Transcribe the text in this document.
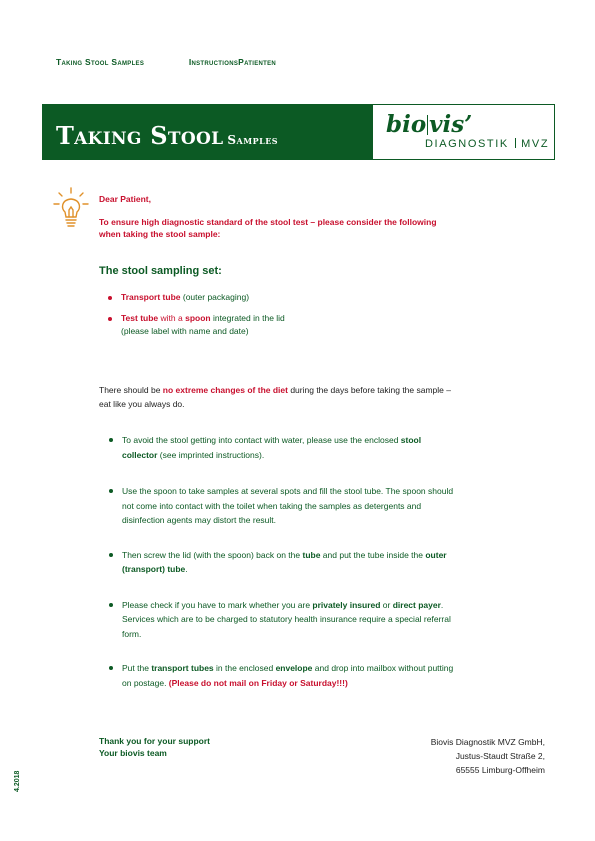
Taking Stool Samples	InstructionsPatienten
Taking Stool Samples
bio vis’
DIAGNOSTIK MVZ
Dear Patient,
To ensure high diagnostic standard of the stool test – please consider the following when taking the stool sample:
The stool sampling set:
Transport tube (outer packaging)
Test tube with a spoon integrated in the lid
(please label with name and date)
There should be no extreme changes of the diet during the days before taking the sample – eat like you always do.
To avoid the stool getting into contact with water, please use the enclosed stool collector (see imprinted instructions).
Use the spoon to take samples at several spots and fill the stool tube. The spoon should not come into contact with the toilet when taking the samples as detergents and disinfection agents may distort the result.
Then screw the lid (with the spoon) back on the tube and put the tube inside the outer (transport) tube.
Please check if you have to mark whether you are privately insured or direct payer. Services which are to be charged to statutory health insurance require a special referral form.
Put the transport tubes in the enclosed envelope and drop into mailbox without putting on postage. (Please do not mail on Friday or Saturday!!!)
Thank you for your support
Your biovis team
Biovis Diagnostik MVZ GmbH,
Justus-Staudt Straße 2,
65555 Limburg-Offheim
4.2018
